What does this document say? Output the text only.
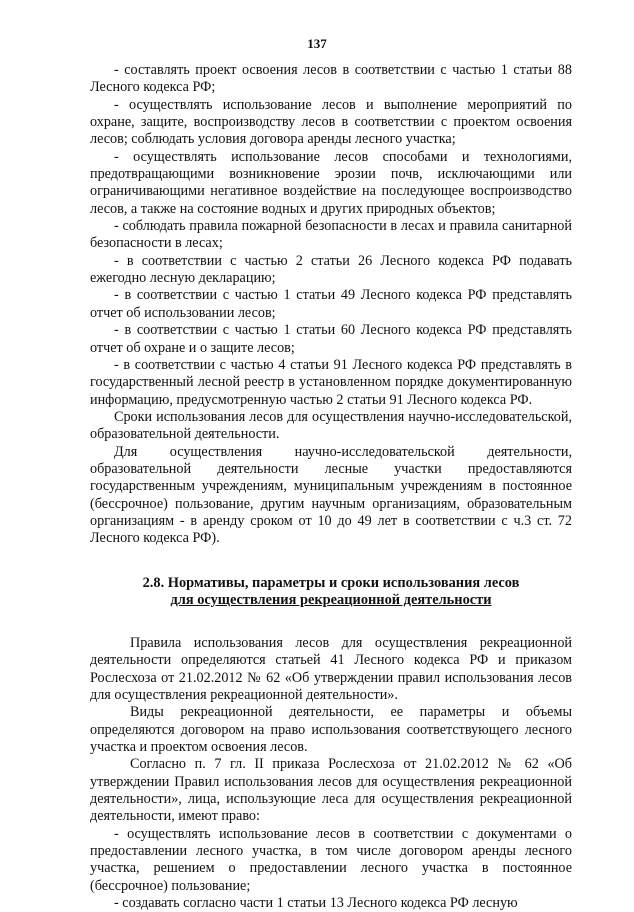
137

- составлять проект освоения лесов в соответствии с частью 1 статьи 88 Лесного кодекса РФ;

- осуществлять использование лесов и выполнение мероприятий по охране, защите, воспроизводству лесов в соответствии с проектом освоения лесов; соблюдать условия договора аренды лесного участка;

- осуществлять использование лесов способами и технологиями, предотвращающими возникновение эрозии почв, исключающими или ограничивающими негативное воздействие на последующее воспроизводство лесов, а также на состояние водных и других природных объектов;

- соблюдать правила пожарной безопасности в лесах и правила санитарной безопасности в лесах;

- в соответствии с частью 2 статьи 26 Лесного кодекса РФ подавать ежегодно лесную декларацию;

- в соответствии с частью 1 статьи 49 Лесного кодекса РФ представлять отчет об использовании лесов;

- в соответствии с частью 1 статьи 60 Лесного кодекса РФ представлять отчет об охране и о защите лесов;

- в соответствии с частью 4 статьи 91 Лесного кодекса РФ представлять в государственный лесной реестр в установленном порядке документированную информацию, предусмотренную частью 2 статьи 91 Лесного кодекса РФ.

Сроки использования лесов для осуществления научно-исследовательской, образовательной деятельности.

Для осуществления научно-исследовательской деятельности, образовательной деятельности лесные участки предоставляются государственным учреждениям, муниципальным учреждениям в постоянное (бессрочное) пользование, другим научным организациям, образовательным организациям - в аренду сроком от 10 до 49 лет в соответствии с ч.3 ст. 72 Лесного кодекса РФ).

2.8. Нормативы, параметры и сроки использования лесов
для осуществления рекреационной деятельности

Правила использования лесов для осуществления рекреационной деятельности определяются статьей 41 Лесного кодекса РФ и приказом Рослесхоза от 21.02.2012 № 62 «Об утверждении правил использования лесов для осуществления рекреационной деятельности».

Виды рекреационной деятельности, ее параметры и объемы определяются договором на право использования соответствующего лесного участка и проектом освоения лесов.

Согласно п. 7 гл. II приказа Рослесхоза от 21.02.2012 № 62 «Об утверждении Правил использования лесов для осуществления рекреационной деятельности», лица, использующие леса для осуществления рекреационной деятельности, имеют право:

- осуществлять использование лесов в соответствии с документами о предоставлении лесного участка, в том числе договором аренды лесного участка, решением о предоставлении лесного участка в постоянное (бессрочное) пользование;

- создавать согласно части 1 статьи 13 Лесного кодекса РФ лесную
